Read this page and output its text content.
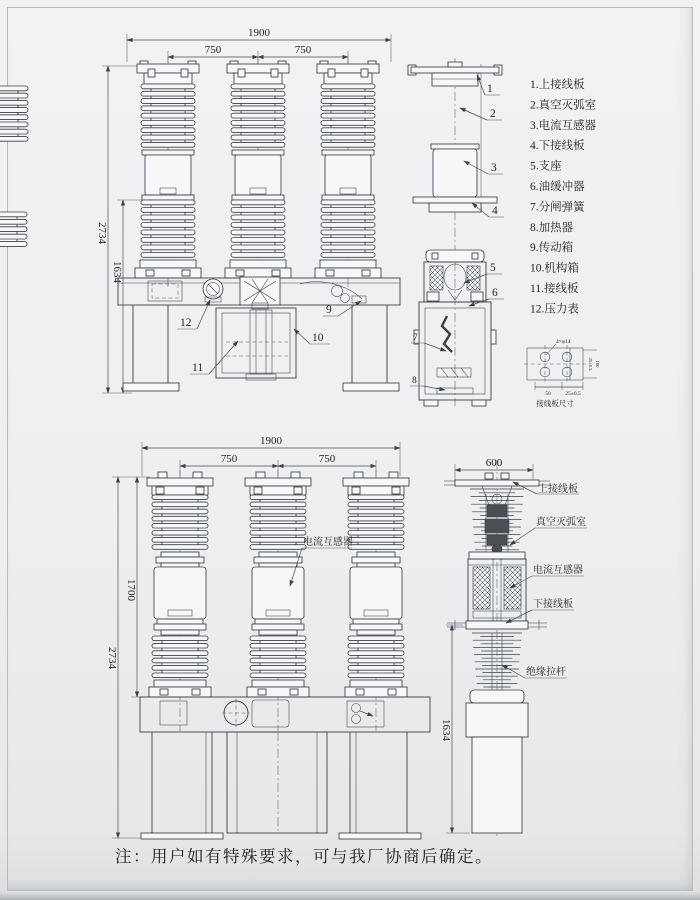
1900
750	750
2734
1634
12
11
10
9
1
2
3
4
5
6
7
8
1.上接线板
2.真空灭弧室
3.电流互感器
4.下接线板
5.支座
6.油缓冲器
7.分闸弹簧
8.加热器
9.传动箱
10.机构箱
11.接线板
12.压力表
4×φ14
25±0.5 100
50	25±0.5
接线板尺寸
1900
750	750
2734
1700
电流互感器
600
1634
上接线板
真空灭弧室
电流互感器
下接线板
绝缘拉杆
注：用户如有特殊要求，可与我厂协商后确定。
